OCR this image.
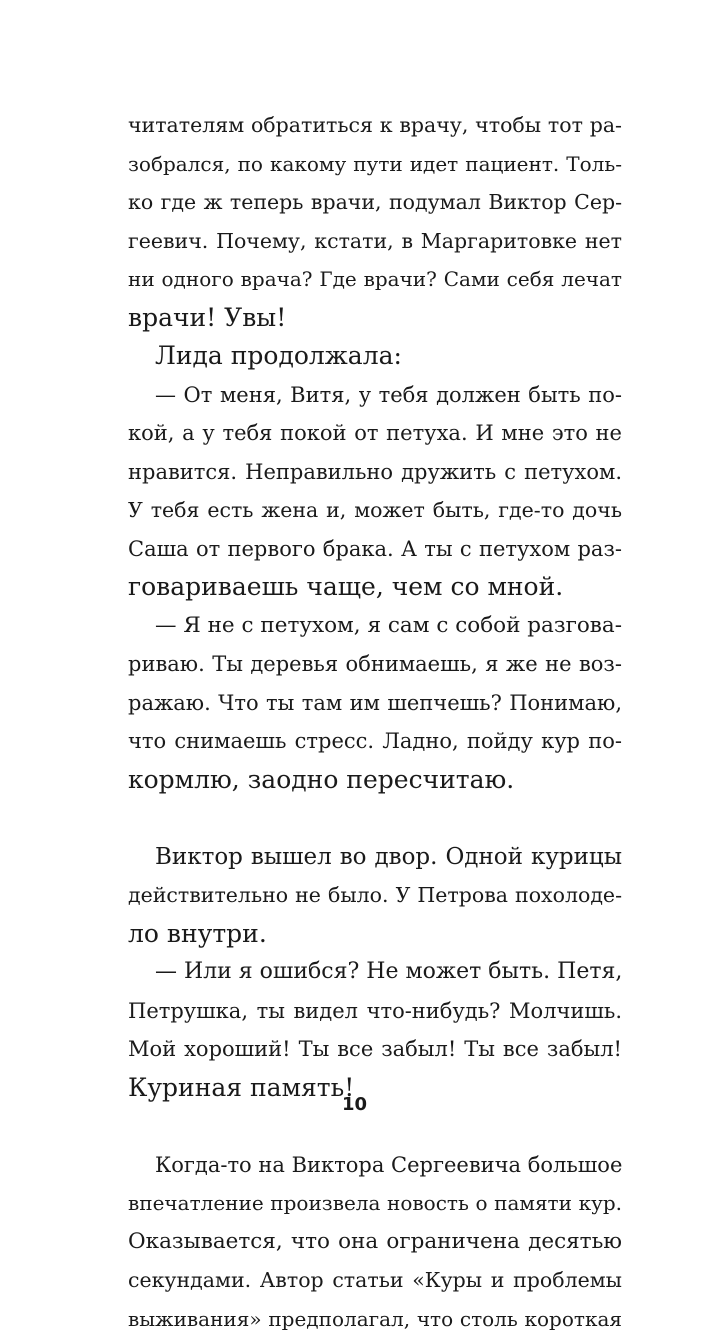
читателям обратиться к врачу, чтобы тот ра-
зобрался, по какому пути идет пациент. Толь-
ко где ж теперь врачи, подумал Виктор Сер-
геевич. Почему, кстати, в Маргаритовке нет
ни одного врача? Где врачи? Сами себя лечат
врачи! Увы!
Лида продолжала:
— От меня, Витя, у тебя должен быть по-
кой, а у тебя покой от петуха. И мне это не
нравится. Неправильно дружить с петухом.
У тебя есть жена и, может быть, где-то дочь
Саша от первого брака. А ты с петухом раз-
говариваешь чаще, чем со мной.
— Я не с петухом, я сам с собой разгова-
риваю. Ты деревья обнимаешь, я же не воз-
ражаю. Что ты там им шепчешь? Понимаю,
что снимаешь стресс. Ладно, пойду кур по-
кормлю, заодно пересчитаю.
Виктор вышел во двор. Одной курицы
действительно не было. У Петрова похолоде-
ло внутри.
— Или я ошибся? Не может быть. Петя,
Петрушка, ты видел что-нибудь? Молчишь.
Мой хороший! Ты все забыл! Ты все забыл!
Куриная память!
Когда-то на Виктора Сергеевича большое
впечатление произвела новость о памяти кур.
Оказывается, что она ограничена десятью
секундами. Автор статьи «Куры и проблемы
выживания» предполагал, что столь короткая
10
